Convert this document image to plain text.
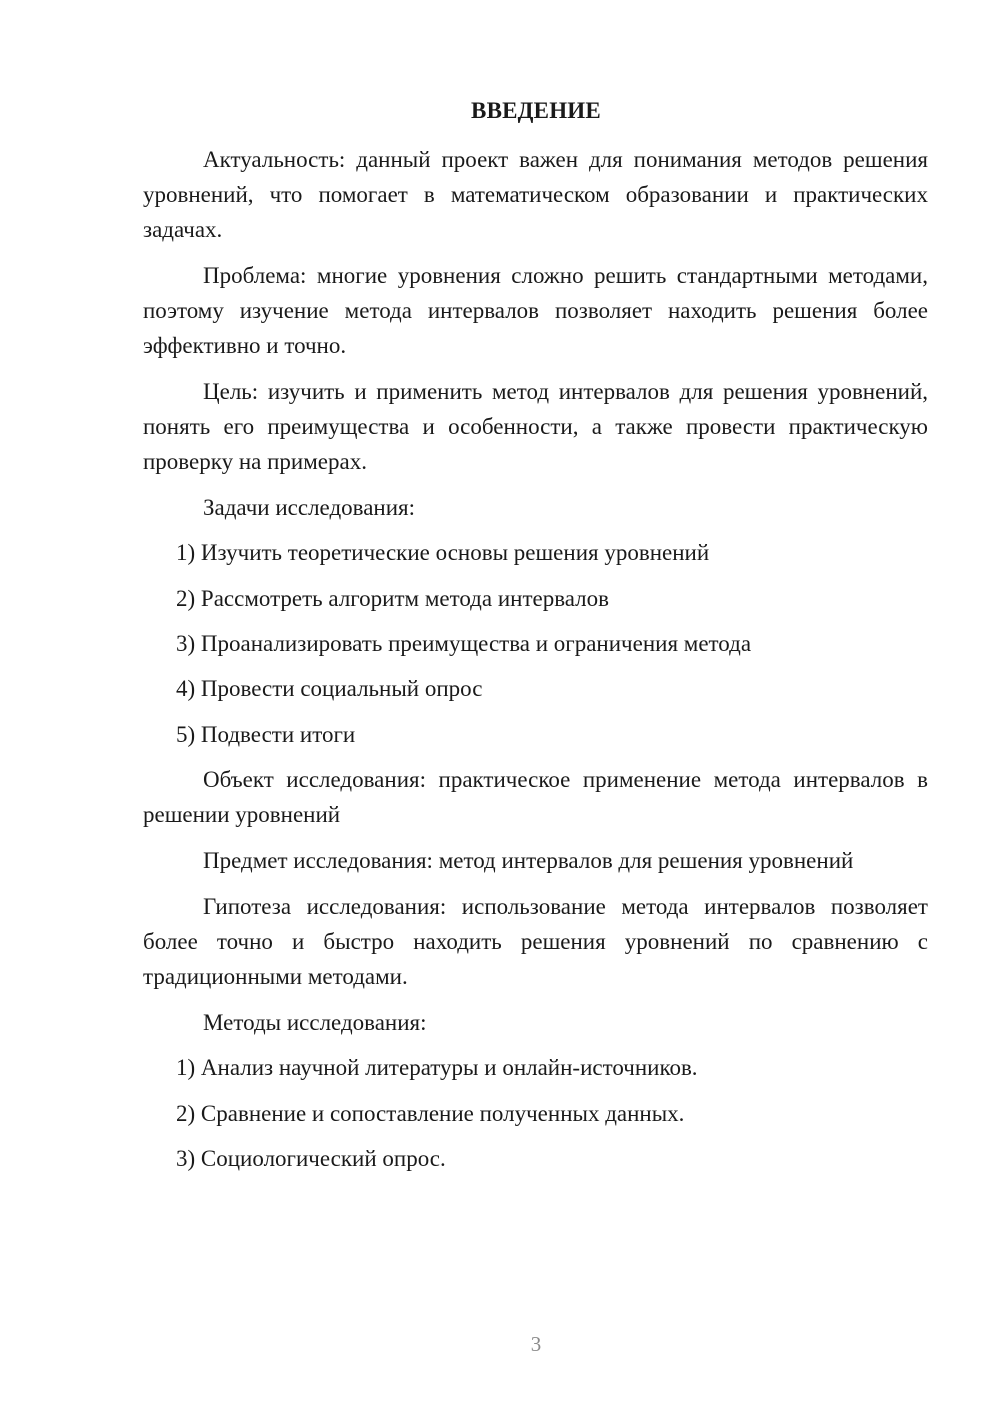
ВВЕДЕНИЕ

Актуальность: данный проект важен для понимания методов решения уровнений, что помогает в математическом образовании и практических задачах.

Проблема: многие уровнения сложно решить стандартными методами, поэтому изучение метода интервалов позволяет находить решения более эффективно и точно.

Цель: изучить и применить метод интервалов для решения уровнений, понять его преимущества и особенности, а также провести практическую проверку на примерах.

Задачи исследования:

1) Изучить теоретические основы решения уровнений

2) Рассмотреть алгоритм метода интервалов

3) Проанализировать преимущества и ограничения метода

4) Провести социальный опрос

5) Подвести итоги

Объект исследования: практическое применение метода интервалов в решении уровнений

Предмет исследования: метод интервалов для решения уровнений

Гипотеза исследования: использование метода интервалов позволяет более точно и быстро находить решения уровнений по сравнению с традиционными методами.

Методы исследования:

1) Анализ научной литературы и онлайн-источников.

2) Сравнение и сопоставление полученных данных.

3) Социологический опрос.

3
